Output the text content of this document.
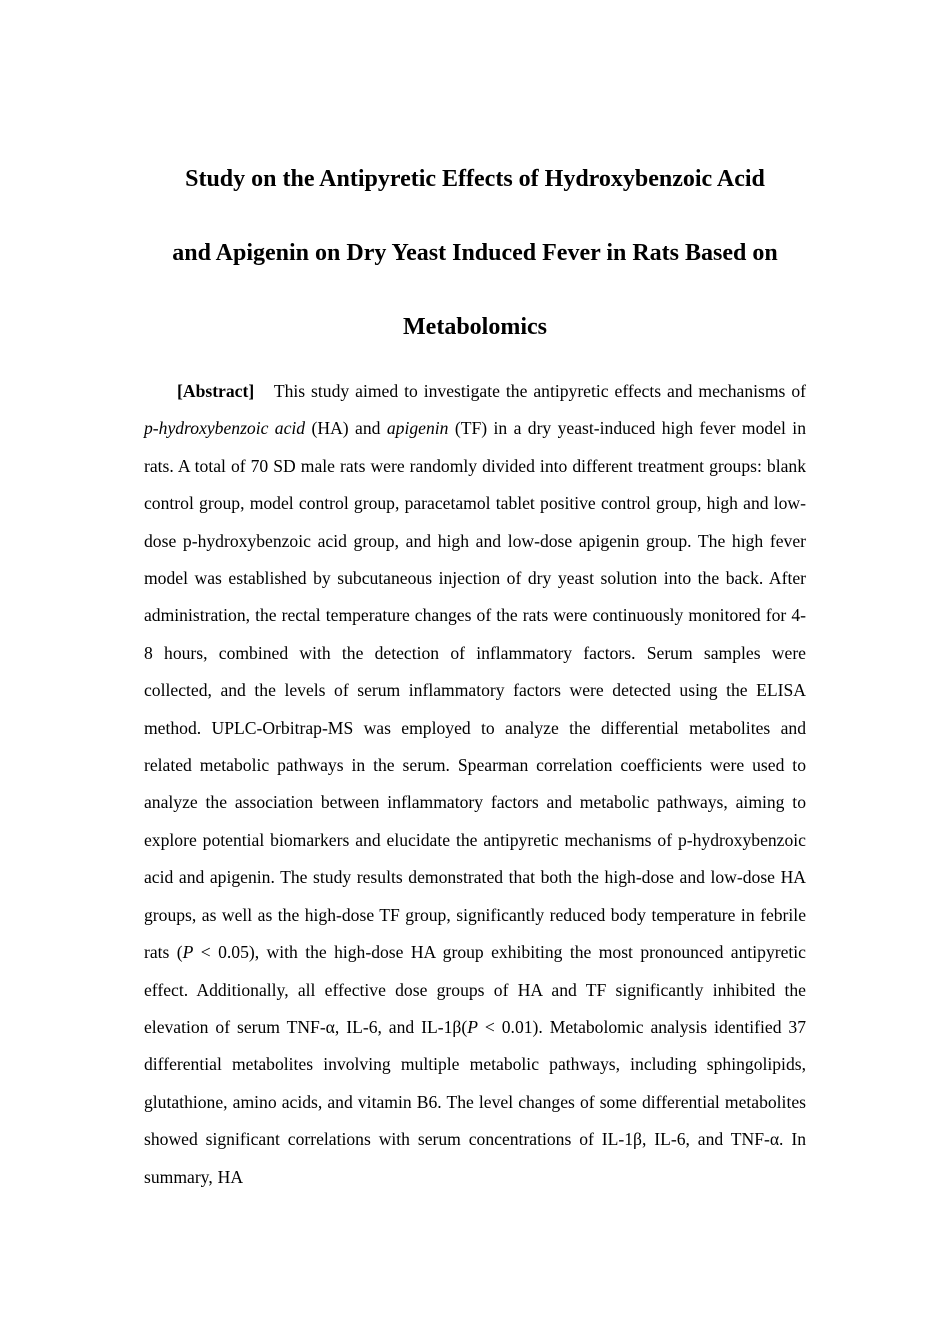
Study on the Antipyretic Effects of Hydroxybenzoic Acid
and Apigenin on Dry Yeast Induced Fever in Rats Based on
Metabolomics

[Abstract] This study aimed to investigate the antipyretic effects and mechanisms of p-hydroxybenzoic acid (HA) and apigenin (TF) in a dry yeast-induced high fever model in rats. A total of 70 SD male rats were randomly divided into different treatment groups: blank control group, model control group, paracetamol tablet positive control group, high and low-dose p-hydroxybenzoic acid group, and high and low-dose apigenin group. The high fever model was established by subcutaneous injection of dry yeast solution into the back. After administration, the rectal temperature changes of the rats were continuously monitored for 4-8 hours, combined with the detection of inflammatory factors. Serum samples were collected, and the levels of serum inflammatory factors were detected using the ELISA method. UPLC-Orbitrap-MS was employed to analyze the differential metabolites and related metabolic pathways in the serum. Spearman correlation coefficients were used to analyze the association between inflammatory factors and metabolic pathways, aiming to explore potential biomarkers and elucidate the antipyretic mechanisms of p-hydroxybenzoic acid and apigenin. The study results demonstrated that both the high-dose and low-dose HA groups, as well as the high-dose TF group, significantly reduced body temperature in febrile rats (P < 0.05), with the high-dose HA group exhibiting the most pronounced antipyretic effect. Additionally, all effective dose groups of HA and TF significantly inhibited the elevation of serum TNF-α, IL-6, and IL-1β(P < 0.01). Metabolomic analysis identified 37 differential metabolites involving multiple metabolic pathways, including sphingolipids, glutathione, amino acids, and vitamin B6. The level changes of some differential metabolites showed significant correlations with serum concentrations of IL-1β, IL-6, and TNF-α. In summary, HA
